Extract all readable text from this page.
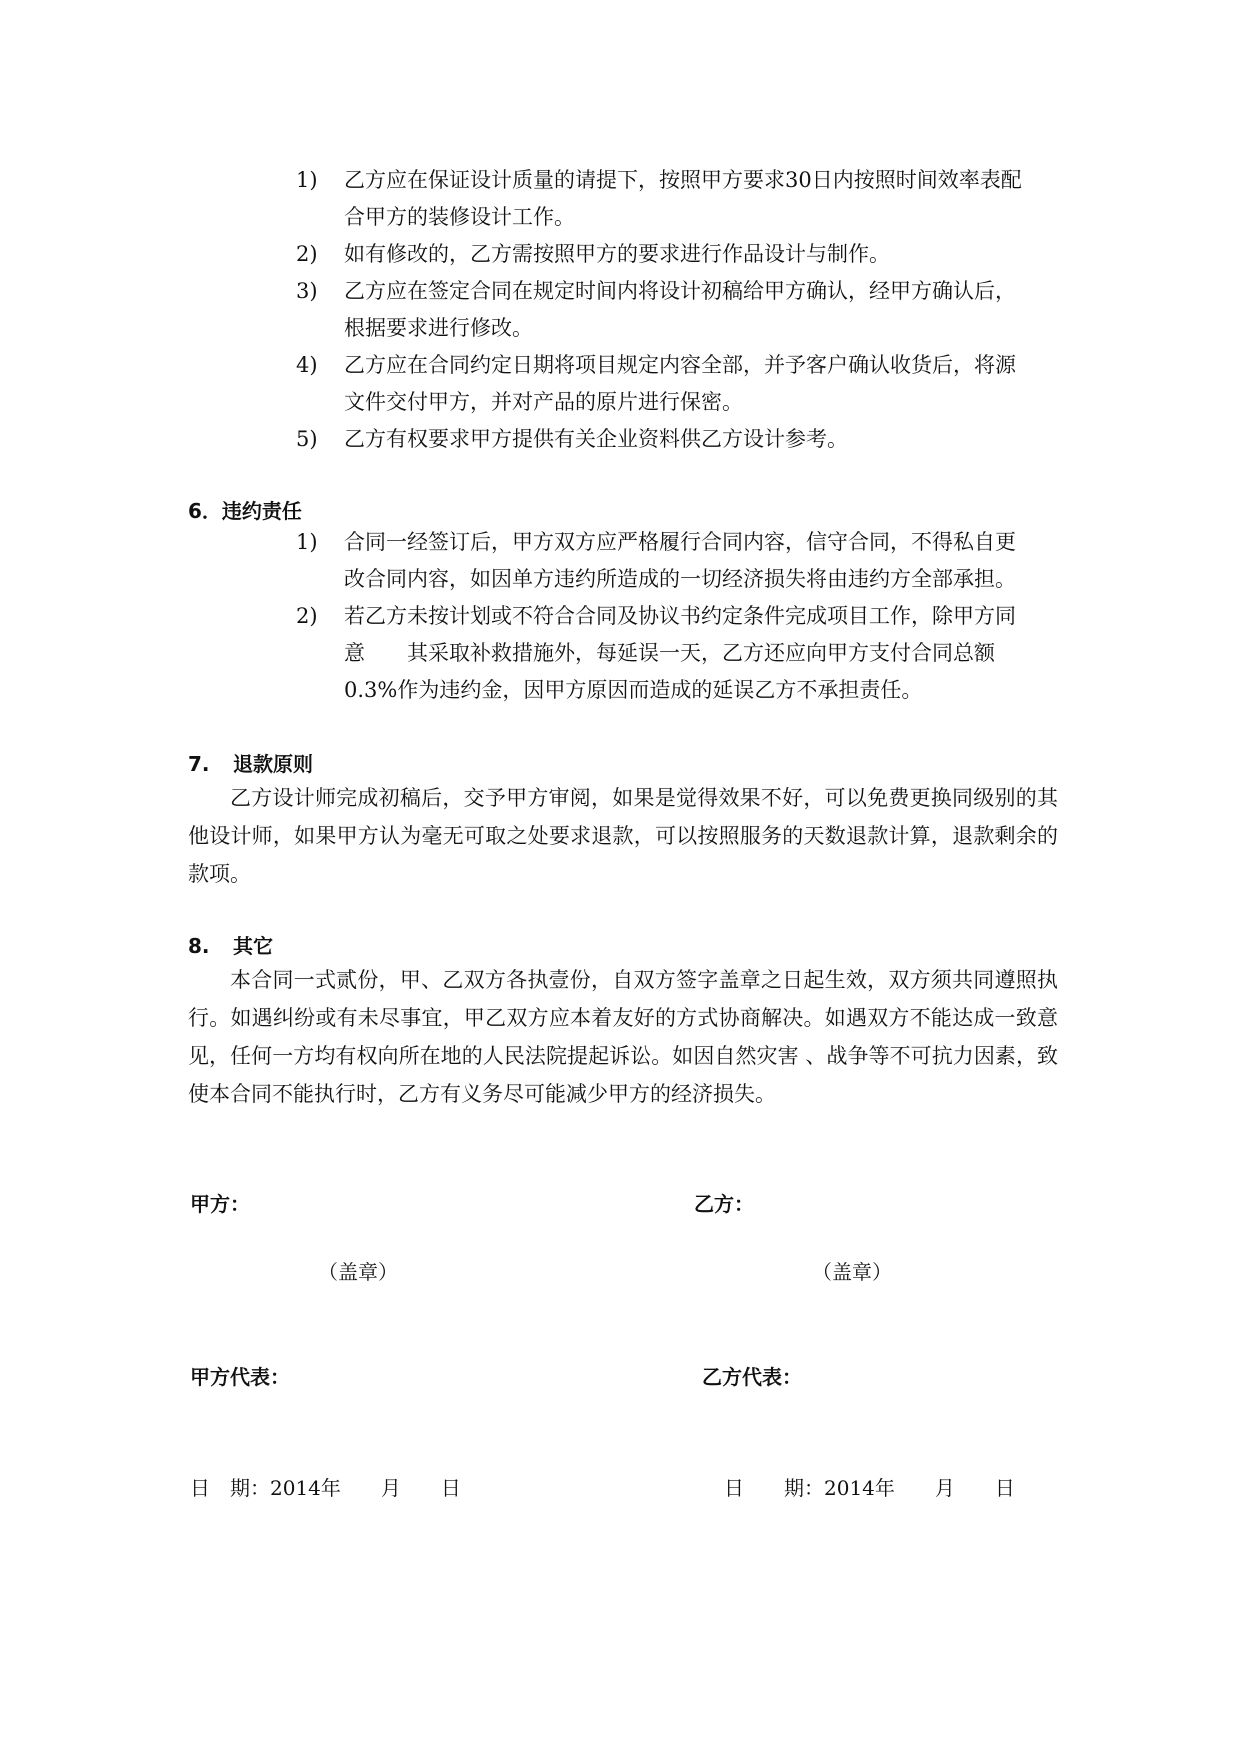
1) 乙方应在保证设计质量的请提下，按照甲方要求30日内按照时间效率表配
合甲方的装修设计工作。
2) 如有修改的，乙方需按照甲方的要求进行作品设计与制作。
3) 乙方应在签定合同在规定时间内将设计初稿给甲方确认，经甲方确认后，
根据要求进行修改。
4) 乙方应在合同约定日期将项目规定内容全部，并予客户确认收货后，将源
文件交付甲方，并对产品的原片进行保密。
5) 乙方有权要求甲方提供有关企业资料供乙方设计参考。
6．违约责任
1) 合同一经签订后，甲方双方应严格履行合同内容，信守合同，不得私自更
改合同内容，如因单方违约所造成的一切经济损失将由违约方全部承担。
2) 若乙方未按计划或不符合合同及协议书约定条件完成项目工作，除甲方同
意　　其采取补救措施外，每延误一天，乙方还应向甲方支付合同总额
0.3%作为违约金，因甲方原因而造成的延误乙方不承担责任。
7. 退款原则
乙方设计师完成初稿后，交予甲方审阅，如果是觉得效果不好，可以免费更换同级别的其他设计师，如果甲方认为毫无可取之处要求退款，可以按照服务的天数退款计算，退款剩余的款项。
8. 其它
本合同一式贰份，甲、乙双方各执壹份，自双方签字盖章之日起生效，双方须共同遵照执行。如遇纠纷或有未尽事宜，甲乙双方应本着友好的方式协商解决。如遇双方不能达成一致意见，任何一方均有权向所在地的人民法院提起诉讼。如因自然灾害 、战争等不可抗力因素，致使本合同不能执行时，乙方有义务尽可能减少甲方的经济损失。
甲方：	乙方：
（盖章）	（盖章）
甲方代表：	乙方代表：
日　期：2014年　　月　　日	日　　期：2014年　　月　　日
